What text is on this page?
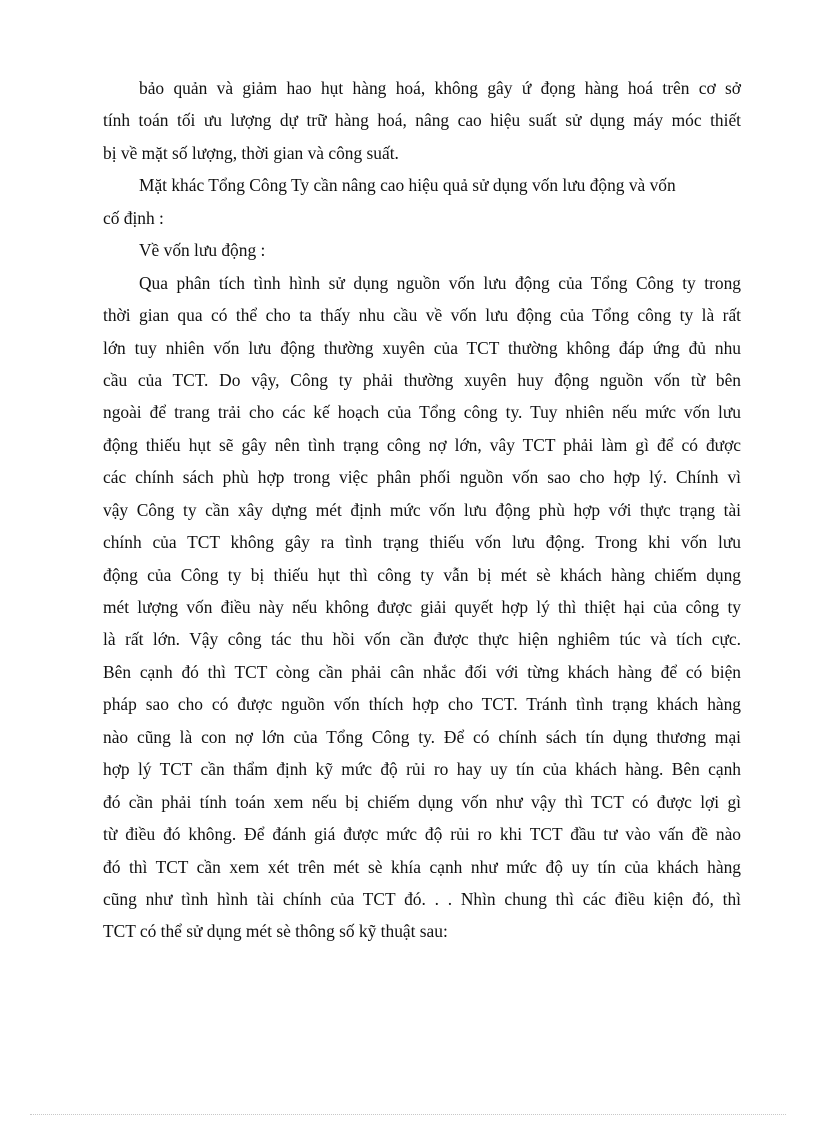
bảo quản và giảm hao hụt hàng hoá, không gây ứ đọng hàng hoá trên cơ sở
tính toán tối ưu lượng dự trữ hàng hoá, nâng cao hiệu suất sử dụng máy móc thiết
bị về mặt số lượng, thời gian và công suất.
Mặt khác Tổng Công Ty cần nâng cao hiệu quả sử dụng vốn lưu động và vốn
cố định :
Về vốn lưu động :
Qua phân tích tình hình sử dụng nguồn vốn lưu động của Tổng Công ty trong
thời gian qua có thể cho ta thấy nhu cầu về vốn lưu động của Tổng công ty là rất
lớn tuy nhiên vốn lưu động thường xuyên của TCT thường không đáp ứng đủ nhu
cầu của TCT. Do vậy, Công ty phải thường xuyên huy động nguồn vốn từ bên
ngoài để trang trải cho các kế hoạch của Tổng công ty. Tuy nhiên nếu mức vốn lưu
động thiếu hụt sẽ gây nên tình trạng công nợ lớn, vây TCT phải làm gì để có được
các chính sách phù hợp trong việc phân phối nguồn vốn sao cho hợp lý. Chính vì
vậy Công ty cần xây dựng mét định mức vốn lưu động phù hợp với thực trạng tài
chính của TCT không gây ra tình trạng thiếu vốn lưu động. Trong khi vốn lưu
động của Công ty bị thiếu hụt thì công ty vẫn bị mét sè khách hàng chiếm dụng
mét lượng vốn điều này nếu không được giải quyết hợp lý thì thiệt hại của công ty
là rất lớn. Vậy công tác thu hồi vốn cần được thực hiện nghiêm túc và tích cực.
Bên cạnh đó thì TCT còng cần phải cân nhắc đối với từng khách hàng để có biện
pháp sao cho có được nguồn vốn thích hợp cho TCT. Tránh tình trạng khách hàng
nào cũng là con nợ lớn của Tổng Công ty. Để có chính sách tín dụng thương mại
hợp lý TCT cần thẩm định kỹ mức độ rủi ro hay uy tín của khách hàng. Bên cạnh
đó cần phải tính toán xem nếu bị chiếm dụng vốn như vậy thì TCT có được lợi gì
từ điều đó không. Để đánh giá được mức độ rủi ro khi TCT đầu tư vào vấn đề nào
đó thì TCT cần xem xét trên mét sè khía cạnh như mức độ uy tín của khách hàng
cũng như tình hình tài chính của TCT đó. . . Nhìn chung thì các điều kiện đó, thì
TCT có thể sử dụng mét sè thông số kỹ thuật sau:
